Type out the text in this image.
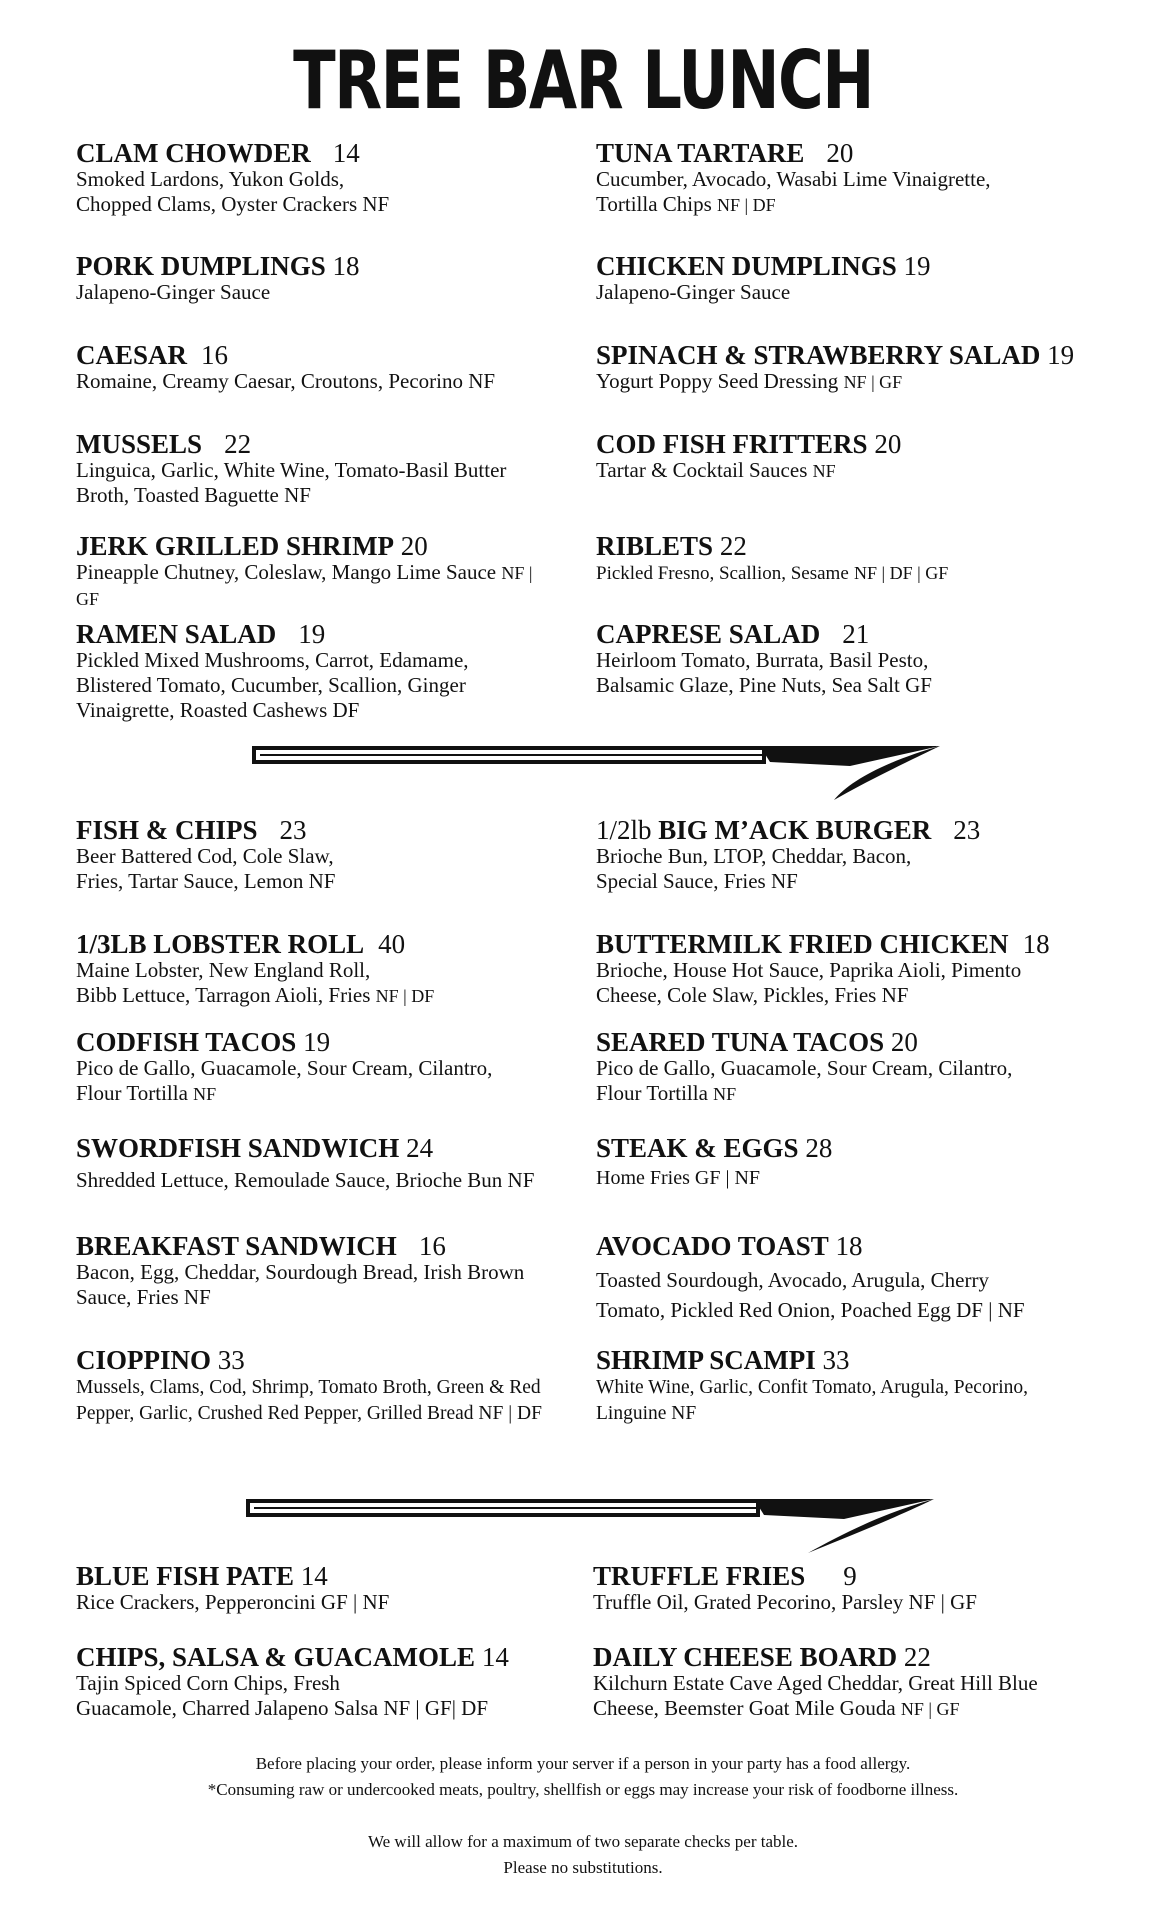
TREE BAR LUNCH
CLAM CHOWDER 14
Smoked Lardons, Yukon Golds,
Chopped Clams, Oyster Crackers NF
TUNA TARTARE 20
Cucumber, Avocado, Wasabi Lime Vinaigrette,
Tortilla Chips NF | DF
PORK DUMPLINGS 18
Jalapeno-Ginger Sauce
CHICKEN DUMPLINGS 19
Jalapeno-Ginger Sauce
CAESAR 16
Romaine, Creamy Caesar, Croutons, Pecorino NF
SPINACH & STRAWBERRY SALAD 19
Yogurt Poppy Seed Dressing NF | GF
MUSSELS 22
Linguica, Garlic, White Wine, Tomato-Basil Butter
Broth, Toasted Baguette NF
COD FISH FRITTERS 20
Tartar & Cocktail Sauces NF
JERK GRILLED SHRIMP 20
Pineapple Chutney, Coleslaw, Mango Lime Sauce NF |
GF
RIBLETS 22
Pickled Fresno, Scallion, Sesame NF | DF | GF
RAMEN SALAD 19
Pickled Mixed Mushrooms, Carrot, Edamame,
Blistered Tomato, Cucumber, Scallion, Ginger
Vinaigrette, Roasted Cashews DF
CAPRESE SALAD 21
Heirloom Tomato, Burrata, Basil Pesto,
Balsamic Glaze, Pine Nuts, Sea Salt GF
FISH & CHIPS 23
Beer Battered Cod, Cole Slaw,
Fries, Tartar Sauce, Lemon NF
1/2lb BIG M’ACK BURGER 23
Brioche Bun, LTOP, Cheddar, Bacon,
Special Sauce, Fries NF
1/3LB LOBSTER ROLL 40
Maine Lobster, New England Roll,
Bibb Lettuce, Tarragon Aioli, Fries NF | DF
BUTTERMILK FRIED CHICKEN 18
Brioche, House Hot Sauce, Paprika Aioli, Pimento
Cheese, Cole Slaw, Pickles, Fries NF
CODFISH TACOS 19
Pico de Gallo, Guacamole, Sour Cream, Cilantro,
Flour Tortilla NF
SEARED TUNA TACOS 20
Pico de Gallo, Guacamole, Sour Cream, Cilantro,
Flour Tortilla NF
SWORDFISH SANDWICH 24
Shredded Lettuce, Remoulade Sauce, Brioche Bun NF
STEAK & EGGS 28
Home Fries GF | NF
BREAKFAST SANDWICH 16
Bacon, Egg, Cheddar, Sourdough Bread, Irish Brown
Sauce, Fries NF
AVOCADO TOAST 18
Toasted Sourdough, Avocado, Arugula, Cherry
Tomato, Pickled Red Onion, Poached Egg DF | NF
CIOPPINO 33
Mussels, Clams, Cod, Shrimp, Tomato Broth, Green & Red
Pepper, Garlic, Crushed Red Pepper, Grilled Bread NF | DF
SHRIMP SCAMPI 33
White Wine, Garlic, Confit Tomato, Arugula, Pecorino,
Linguine NF
BLUE FISH PATE 14
Rice Crackers, Pepperoncini GF | NF
TRUFFLE FRIES 9
Truffle Oil, Grated Pecorino, Parsley NF | GF
CHIPS, SALSA & GUACAMOLE 14
Tajin Spiced Corn Chips, Fresh
Guacamole, Charred Jalapeno Salsa NF | GF| DF
DAILY CHEESE BOARD 22
Kilchurn Estate Cave Aged Cheddar, Great Hill Blue
Cheese, Beemster Goat Mile Gouda NF | GF
Before placing your order, please inform your server if a person in your party has a food allergy.
*Consuming raw or undercooked meats, poultry, shellfish or eggs may increase your risk of foodborne illness.
We will allow for a maximum of two separate checks per table.
Please no substitutions.
